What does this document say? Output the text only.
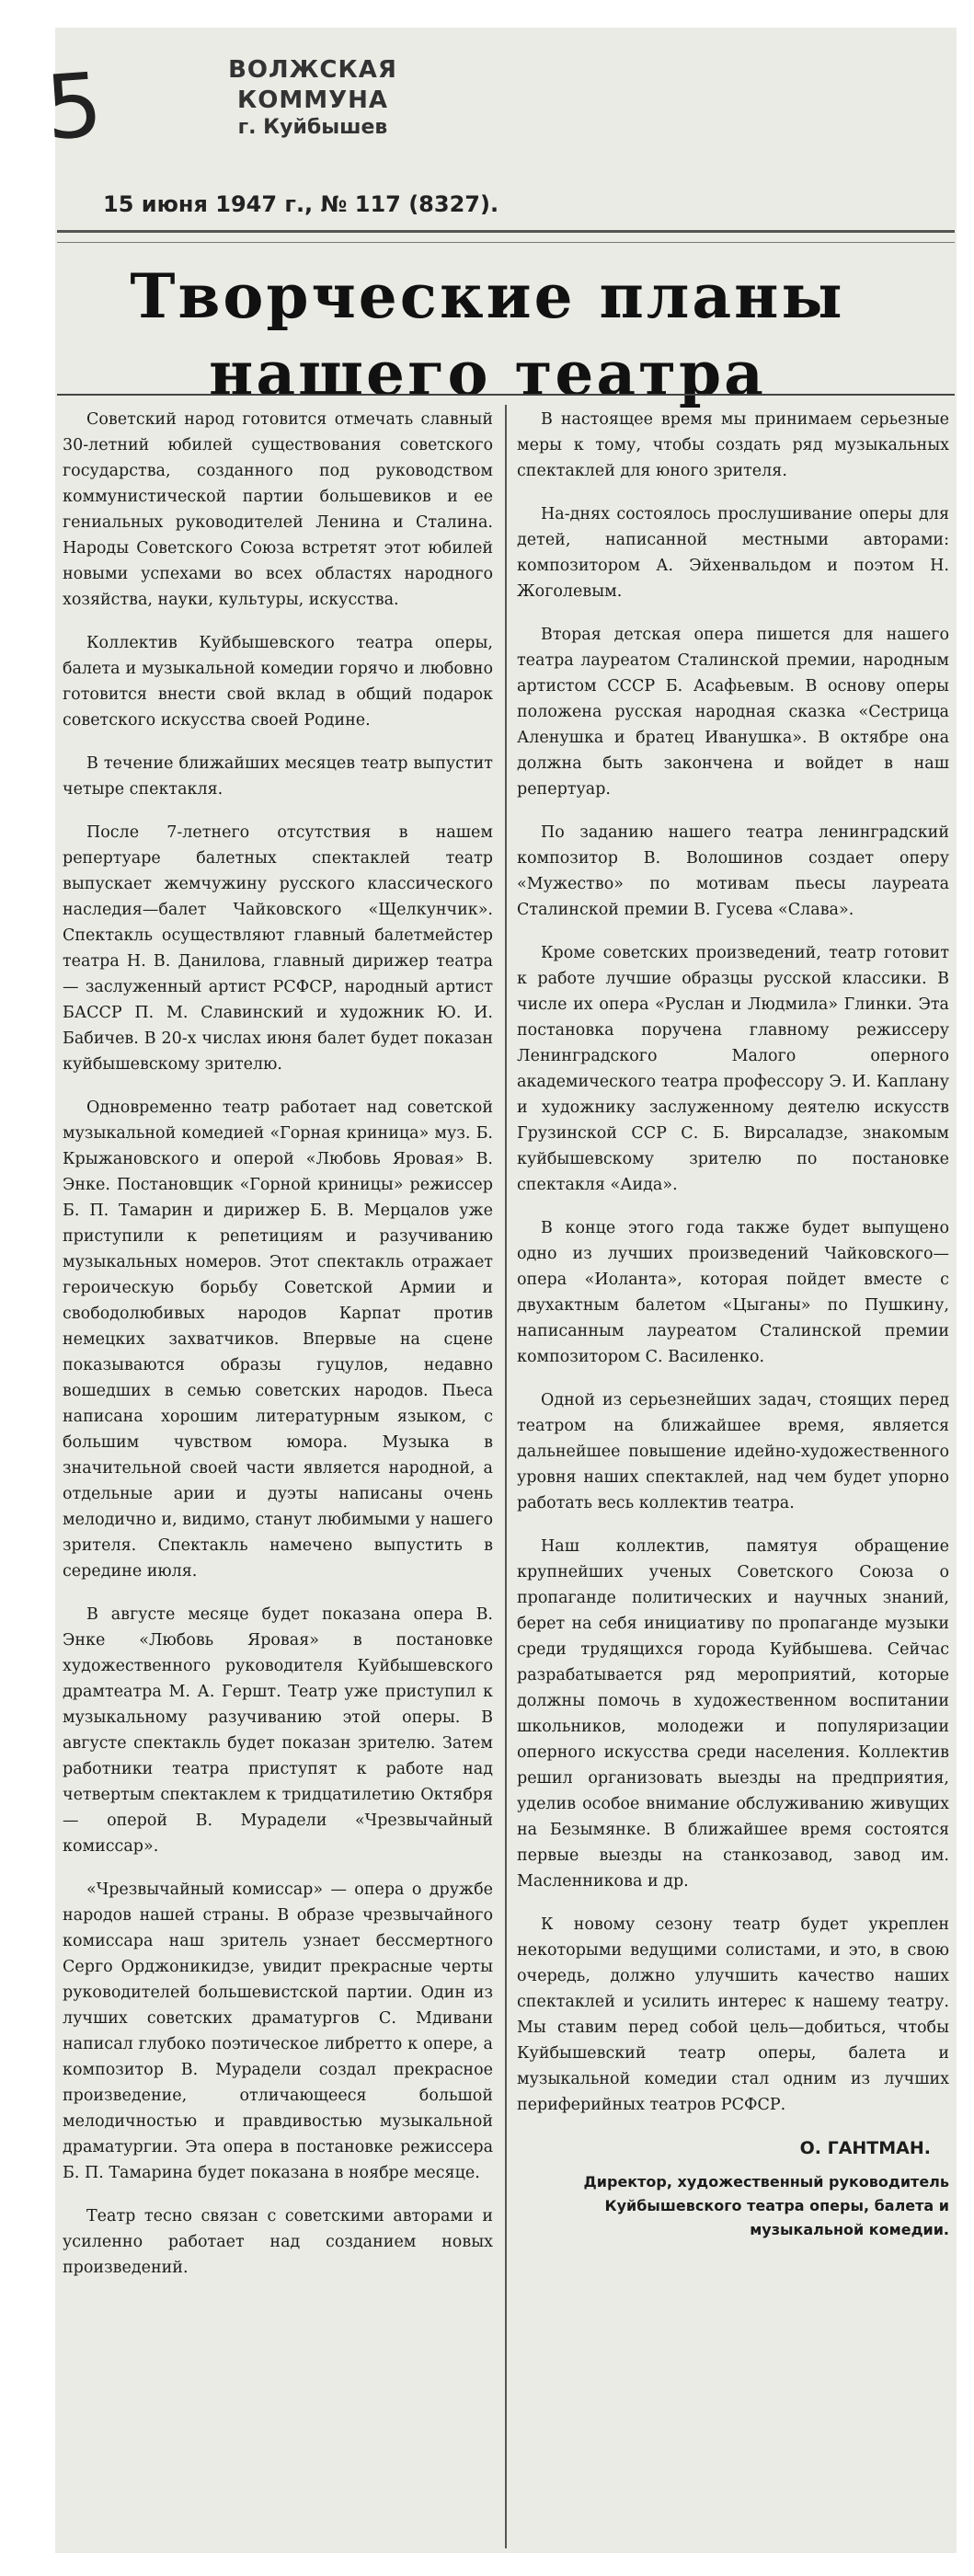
5	ВОЛЖСКАЯ КОММУНА
г. Куйбышев
15 июня 1947 г., № 117 (8327).
Творческие планы нашего театра

Советский народ готовится отмечать славный 30-летний юбилей существования советского государства, созданного под руководством коммунистической партии большевиков и ее гениальных руководителей Ленина и Сталина. Народы Советского Союза встретят этот юбилей новыми успехами во всех областях народного хозяйства, науки, культуры, искусства.

Коллектив Куйбышевского театра оперы, балета и музыкальной комедии горячо и любовно готовится внести свой вклад в общий подарок советского искусства своей Родине.

В течение ближайших месяцев театр выпустит четыре спектакля.

После 7-летнего отсутствия в нашем репертуаре балетных спектаклей театр выпускает жемчужину русского классического наследия—балет Чайковского «Щелкунчик». Спектакль осуществляют главный балетмейстер театра Н. В. Данилова, главный дирижер театра — заслуженный артист РСФСР, народный артист БАССР П. М. Славинский и художник Ю. И. Бабичев. В 20-х числах июня балет будет показан куйбышевскому зрителю.

Одновременно театр работает над советской музыкальной комедией «Горная криница» муз. Б. Крыжановского и оперой «Любовь Яровая» В. Энке. Постановщик «Горной криницы» режиссер Б. П. Тамарин и дирижер Б. В. Мерцалов уже приступили к репетициям и разучиванию музыкальных номеров. Этот спектакль отражает героическую борьбу Советской Армии и свободолюбивых народов Карпат против немецких захватчиков. Впервые на сцене показываются образы гуцулов, недавно вошедших в семью советских народов. Пьеса написана хорошим литературным языком, с большим чувством юмора. Музыка в значительной своей части является народной, а отдельные арии и дуэты написаны очень мелодично и, видимо, станут любимыми у нашего зрителя. Спектакль намечено выпустить в середине июля.

В августе месяце будет показана опера В. Энке «Любовь Яровая» в постановке художественного руководителя Куйбышевского драмтеатра М. А. Гершт. Театр уже приступил к музыкальному разучиванию этой оперы. В августе спектакль будет показан зрителю. Затем работники театра приступят к работе над четвертым спектаклем к тридцатилетию Октября — оперой В. Мурадели «Чрезвычайный комиссар».

«Чрезвычайный комиссар» — опера о дружбе народов нашей страны. В образе чрезвычайного комиссара наш зритель узнает бессмертного Серго Орджоникидзе, увидит прекрасные черты руководителей большевистской партии. Один из лучших советских драматургов С. Мдивани написал глубоко поэтическое либретто к опере, а композитор В. Мурадели создал прекрасное произведение, отличающееся большой мелодичностью и правдивостью музыкальной драматургии. Эта опера в постановке режиссера Б. П. Тамарина будет показана в ноябре месяце.

Театр тесно связан с советскими авторами и усиленно работает над созданием новых произведений.

В настоящее время мы принимаем серьезные меры к тому, чтобы создать ряд музыкальных спектаклей для юного зрителя.

На-днях состоялось прослушивание оперы для детей, написанной местными авторами: композитором А. Эйхенвальдом и поэтом Н. Жоголевым.

Вторая детская опера пишется для нашего театра лауреатом Сталинской премии, народным артистом СССР Б. Асафьевым. В основу оперы положена русская народная сказка «Сестрица Аленушка и братец Иванушка». В октябре она должна быть закончена и войдет в наш репертуар.

По заданию нашего театра ленинградский композитор В. Волошинов создает оперу «Мужество» по мотивам пьесы лауреата Сталинской премии В. Гусева «Слава».

Кроме советских произведений, театр готовит к работе лучшие образцы русской классики. В числе их опера «Руслан и Людмила» Глинки. Эта постановка поручена главному режиссеру Ленинградского Малого оперного академического театра профессору Э. И. Каплану и художнику заслуженному деятелю искусств Грузинской ССР С. Б. Вирсаладзе, знакомым куйбышевскому зрителю по постановке спектакля «Аида».

В конце этого года также будет выпущено одно из лучших произведений Чайковского—опера «Иоланта», которая пойдет вместе с двухактным балетом «Цыганы» по Пушкину, написанным лауреатом Сталинской премии композитором С. Василенко.

Одной из серьезнейших задач, стоящих перед театром на ближайшее время, является дальнейшее повышение идейно-художественного уровня наших спектаклей, над чем будет упорно работать весь коллектив театра.

Наш коллектив, памятуя обращение крупнейших ученых Советского Союза о пропаганде политических и научных знаний, берет на себя инициативу по пропаганде музыки среди трудящихся города Куйбышева. Сейчас разрабатывается ряд мероприятий, которые должны помочь в художественном воспитании школьников, молодежи и популяризации оперного искусства среди населения. Коллектив решил организовать выезды на предприятия, уделив особое внимание обслуживанию живущих на Безымянке. В ближайшее время состоятся первые выезды на станкозавод, завод им. Масленникова и др.

К новому сезону театр будет укреплен некоторыми ведущими солистами, и это, в свою очередь, должно улучшить качество наших спектаклей и усилить интерес к нашему театру. Мы ставим перед собой цель—добиться, чтобы Куйбышевский театр оперы, балета и музыкальной комедии стал одним из лучших периферийных театров РСФСР.

О. ГАНТМАН.
Директор, художественный руководитель Куйбышевского театра оперы, балета и музыкальной комедии.
